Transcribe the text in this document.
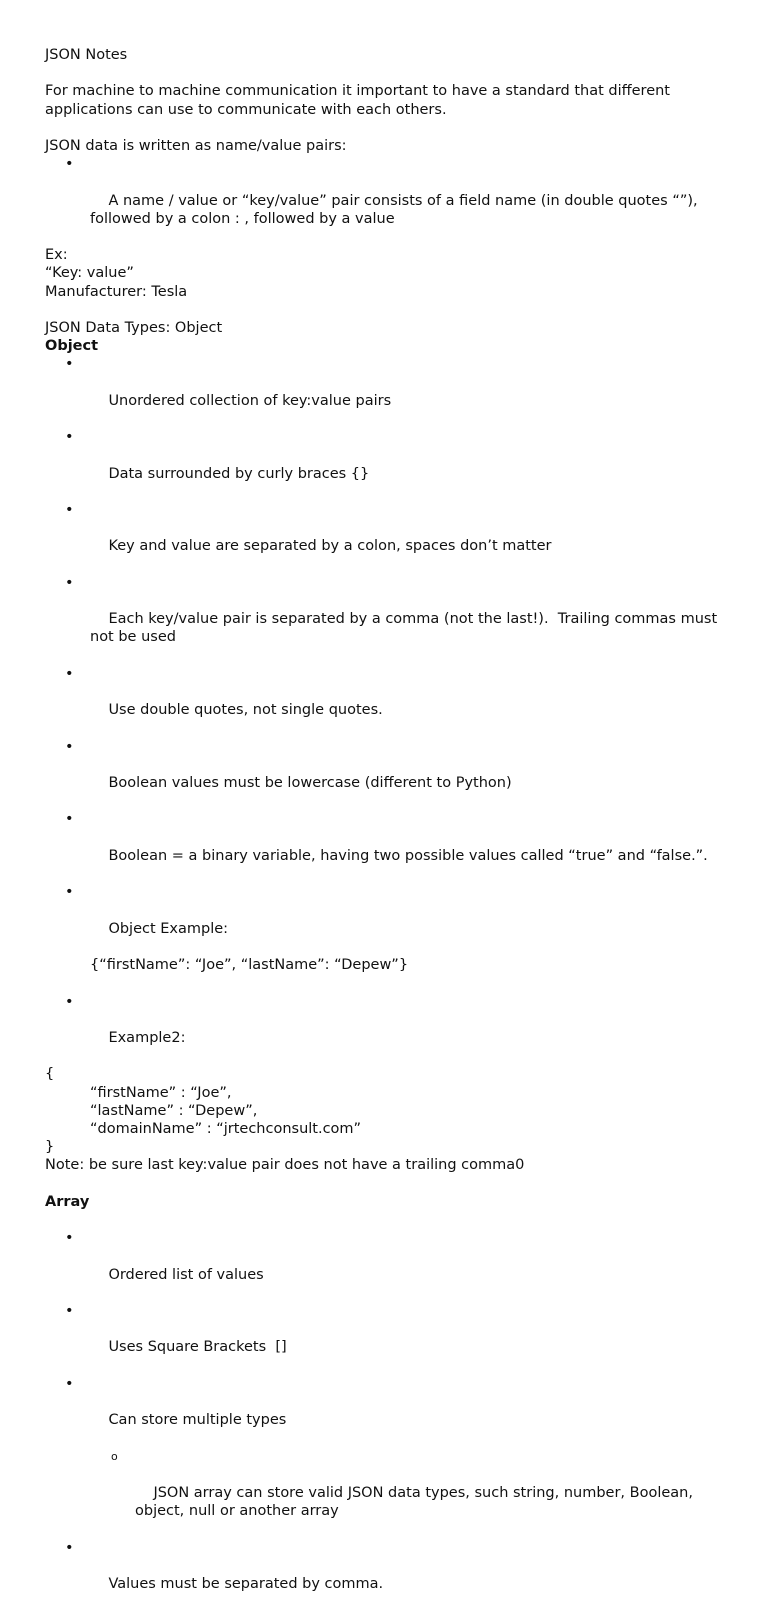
JSON Notes
For machine to machine communication it important to have a standard that different applications can use to communicate with each others.
JSON data is written as name/value pairs:

•

A name / value or “key/value” pair consists of a field name (in double quotes “”), followed by a colon : , followed by a value

Ex:
“Key: value”
Manufacturer: Tesla
JSON Data Types: Object
Object

•

Unordered collection of key:value pairs

•

Data surrounded by curly braces {}

•

Key and value are separated by a colon, spaces don’t matter

•

Each key/value pair is separated by a comma (not the last!).  Trailing commas must not be used

•

Use double quotes, not single quotes.

•

Boolean values must be lowercase (different to Python)

•

Boolean = a binary variable, having two possible values called “true” and “false.”.

•

Object Example:

{“firstName”: “Joe”, “lastName”: “Depew”}

•

Example2:

{
“firstName” : “Joe”,
“lastName” : “Depew”,
“domainName” : “jrtechconsult.com”
}
Note: be sure last key:value pair does not have a trailing comma0
Array

•

Ordered list of values

•

Uses Square Brackets  []

•

Can store multiple types

o

JSON array can store valid JSON data types, such string, number, Boolean, object, null or another array

•

Values must be separated by comma.
